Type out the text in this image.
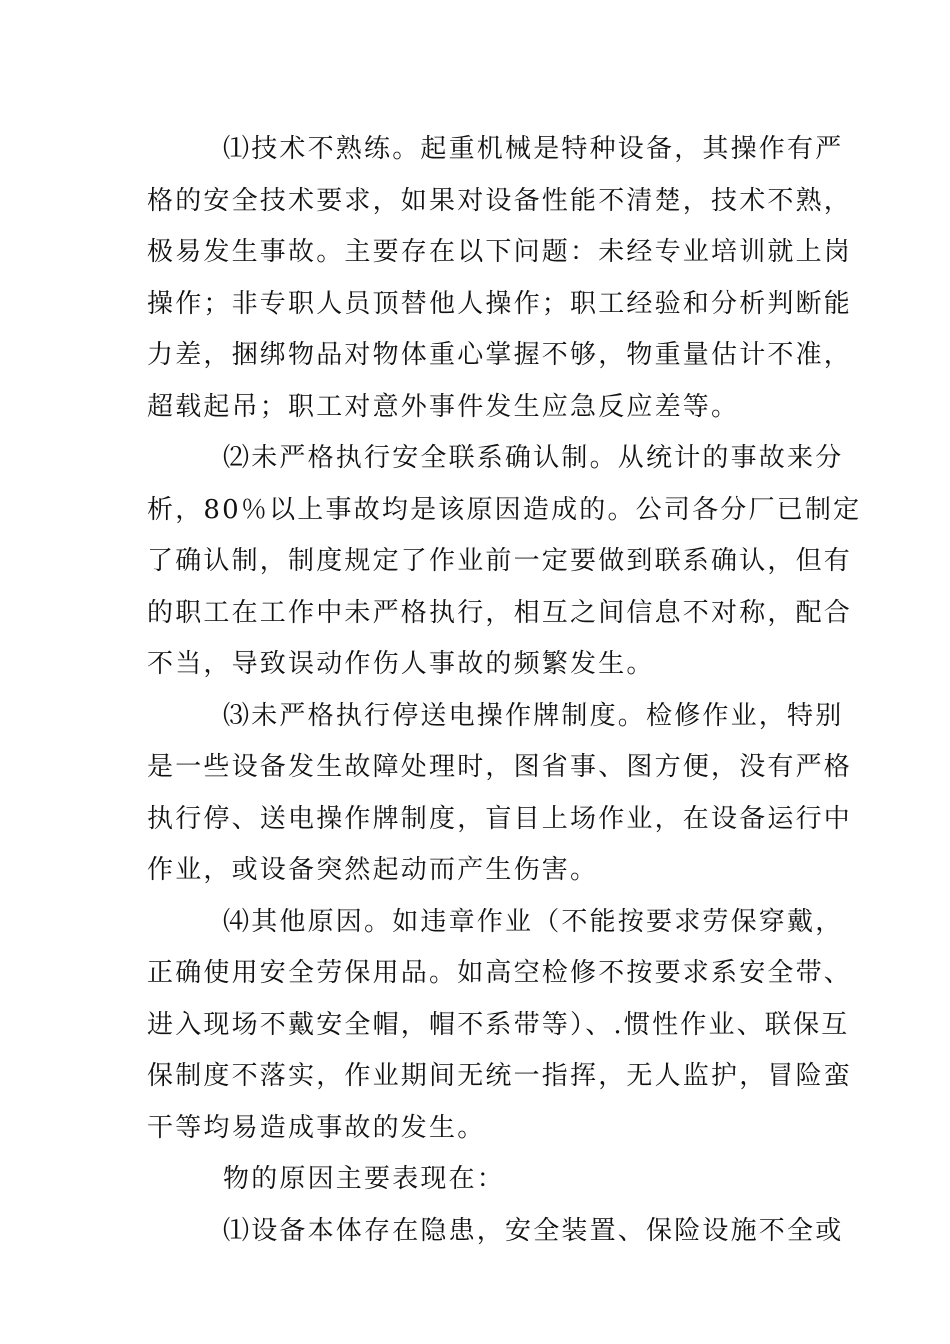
⑴技术不熟练。起重机械是特种设备，其操作有严
格的安全技术要求，如果对设备性能不清楚，技术不熟，
极易发生事故。主要存在以下问题：未经专业培训就上岗
操作；非专职人员顶替他人操作；职工经验和分析判断能
力差，捆绑物品对物体重心掌握不够，物重量估计不准，
超载起吊；职工对意外事件发生应急反应差等。
⑵未严格执行安全联系确认制。从统计的事故来分
析，80％以上事故均是该原因造成的。公司各分厂已制定
了确认制，制度规定了作业前一定要做到联系确认，但有
的职工在工作中未严格执行，相互之间信息不对称，配合
不当，导致误动作伤人事故的频繁发生。
⑶未严格执行停送电操作牌制度。检修作业，特别
是一些设备发生故障处理时，图省事、图方便，没有严格
执行停、送电操作牌制度，盲目上场作业，在设备运行中
作业，或设备突然起动而产生伤害。
⑷其他原因。如违章作业（不能按要求劳保穿戴，
正确使用安全劳保用品。如高空检修不按要求系安全带、
进入现场不戴安全帽，帽不系带等）、.惯性作业、联保互
保制度不落实，作业期间无统一指挥，无人监护，冒险蛮
干等均易造成事故的发生。
物的原因主要表现在：
⑴设备本体存在隐患，安全装置、保险设施不全或
